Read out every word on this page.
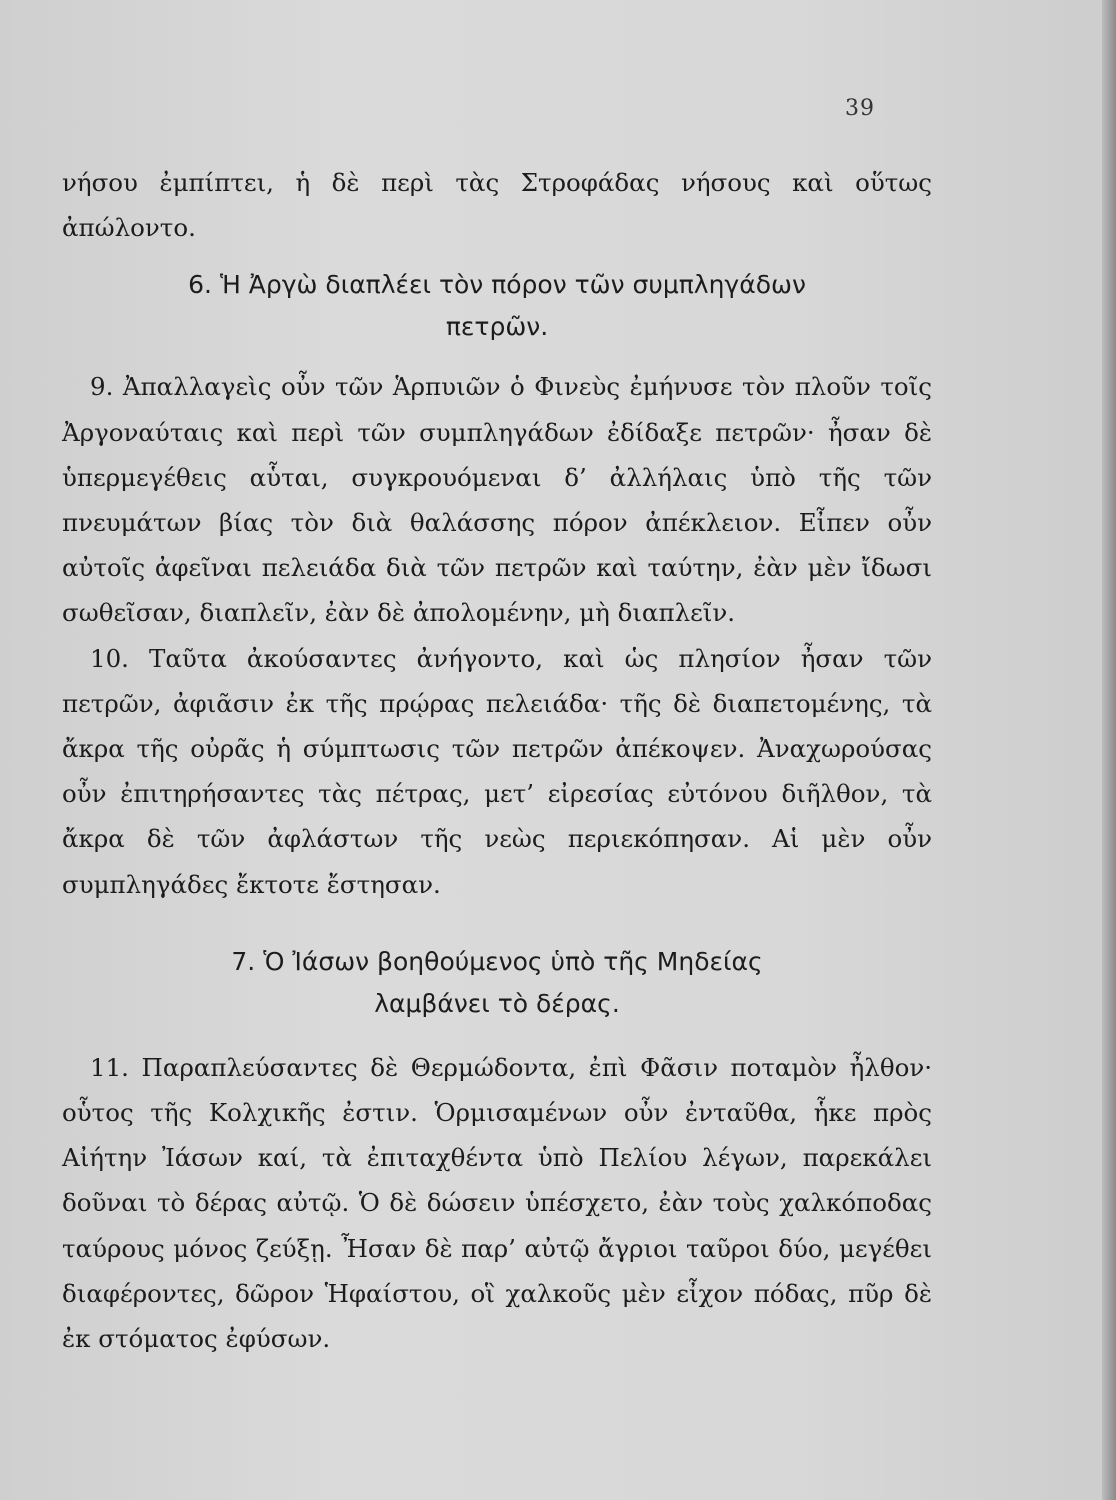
39

νήσου ἐμπίπτει, ἡ δὲ περὶ τὰς Στροφάδας νήσους καὶ οὕτως ἀπώλοντο.

6. Ἡ Ἀργὼ διαπλέει τὸν πόρον τῶν συμπληγάδων
πετρῶν.

9. Ἀπαλλαγεὶς οὖν τῶν Ἁρπυιῶν ὁ Φινεὺς ἐμήνυσε τὸν πλοῦν τοῖς Ἀργοναύταις καὶ περὶ τῶν συμπληγάδων ἐδίδαξε πετρῶν· ἦσαν δὲ ὑπερμεγέθεις αὗται, συγκρουόμεναι δ’ ἀλλήλαις ὑπὸ τῆς τῶν πνευμάτων βίας τὸν διὰ θαλάσσης πόρον ἀπέκλειον. Εἶπεν οὖν αὐτοῖς ἀφεῖναι πελειάδα διὰ τῶν πετρῶν καὶ ταύτην, ἐὰν μὲν ἴδωσι σωθεῖσαν, διαπλεῖν, ἐὰν δὲ ἀπολομένην, μὴ διαπλεῖν.

10. Ταῦτα ἀκούσαντες ἀνήγοντο, καὶ ὡς πλησίον ἦσαν τῶν πετρῶν, ἀφιᾶσιν ἐκ τῆς πρῴρας πελειάδα· τῆς δὲ διαπετομένης, τὰ ἄκρα τῆς οὐρᾶς ἡ σύμπτωσις τῶν πετρῶν ἀπέκοψεν. Ἀναχωρούσας οὖν ἐπιτηρήσαντες τὰς πέτρας, μετ’ εἰρεσίας εὐτόνου διῆλθον, τὰ ἄκρα δὲ τῶν ἀφλάστων τῆς νεὼς περιεκόπησαν. Αἱ μὲν οὖν συμπληγάδες ἔκτοτε ἔστησαν.

7. Ὁ Ἰάσων βοηθούμενος ὑπὸ τῆς Μηδείας
λαμβάνει τὸ δέρας.

11. Παραπλεύσαντες δὲ Θερμώδοντα, ἐπὶ Φᾶσιν ποταμὸν ἦλθον· οὗτος τῆς Κολχικῆς ἐστιν. Ὁρμισαμένων οὖν ἐνταῦθα, ἧκε πρὸς Αἰήτην Ἰάσων καί, τὰ ἐπιταχθέντα ὑπὸ Πελίου λέγων, παρεκάλει δοῦναι τὸ δέρας αὐτῷ. Ὁ δὲ δώσειν ὑπέσχετο, ἐὰν τοὺς χαλκόποδας ταύρους μόνος ζεύξῃ. Ἦσαν δὲ παρ’ αὐτῷ ἄγριοι ταῦροι δύο, μεγέθει διαφέροντες, δῶρον Ἡφαίστου, οἳ χαλκοῦς μὲν εἶχον πόδας, πῦρ δὲ ἐκ στόματος ἐφύσων.
